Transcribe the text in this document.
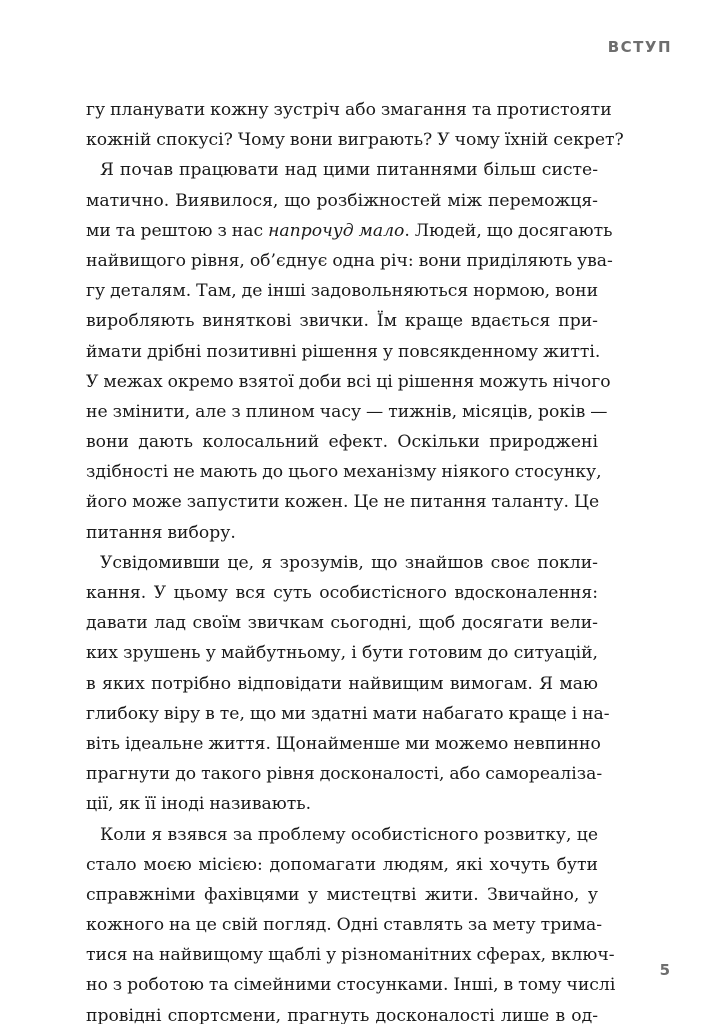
ВСТУП
гу планувати кожну зустріч або змагання та протистояти
кожній спокусі? Чому вони виграють? У чому їхній секрет?
Я почав працювати над цими питаннями більш систе-
матично. Виявилося, що розбіжностей між переможця-
ми та рештою з нас напрочуд мало. Людей, що досягають
найвищого рівня, об’єднує одна річ: вони приділяють ува-
гу деталям. Там, де інші задовольняються нормою, вони
виробляють виняткові звички. Їм краще вдається при-
ймати дрібні позитивні рішення у повсякденному житті.
У межах окремо взятої доби всі ці рішення можуть нічого
не змінити, але з плином часу — тижнів, місяців, років —
вони дають колосальний ефект. Оскільки природжені
здібності не мають до цього механізму ніякого стосунку,
його може запустити кожен. Це не питання таланту. Це
питання вибору.
Усвідомивши це, я зрозумів, що знайшов своє покли-
кання. У цьому вся суть особистісного вдосконалення:
давати лад своїм звичкам сьогодні, щоб досягати вели-
ких зрушень у майбутньому, і бути готовим до ситуацій,
в яких потрібно відповідати найвищим вимогам. Я маю
глибоку віру в те, що ми здатні мати набагато краще і на-
віть ідеальне життя. Щонайменше ми можемо невпинно
прагнути до такого рівня досконалості, або самореаліза-
ції, як її іноді називають.
Коли я взявся за проблему особистісного розвитку, це
стало моєю місією: допомагати людям, які хочуть бути
справжніми фахівцями у мистецтві жити. Звичайно, у
кожного на це свій погляд. Одні ставлять за мету трима-
тися на найвищому щаблі у різноманітних сферах, включ-
но з роботою та сімейними стосунками. Інші, в тому числі
провідні спортсмени, прагнуть досконалості лише в од-
5
